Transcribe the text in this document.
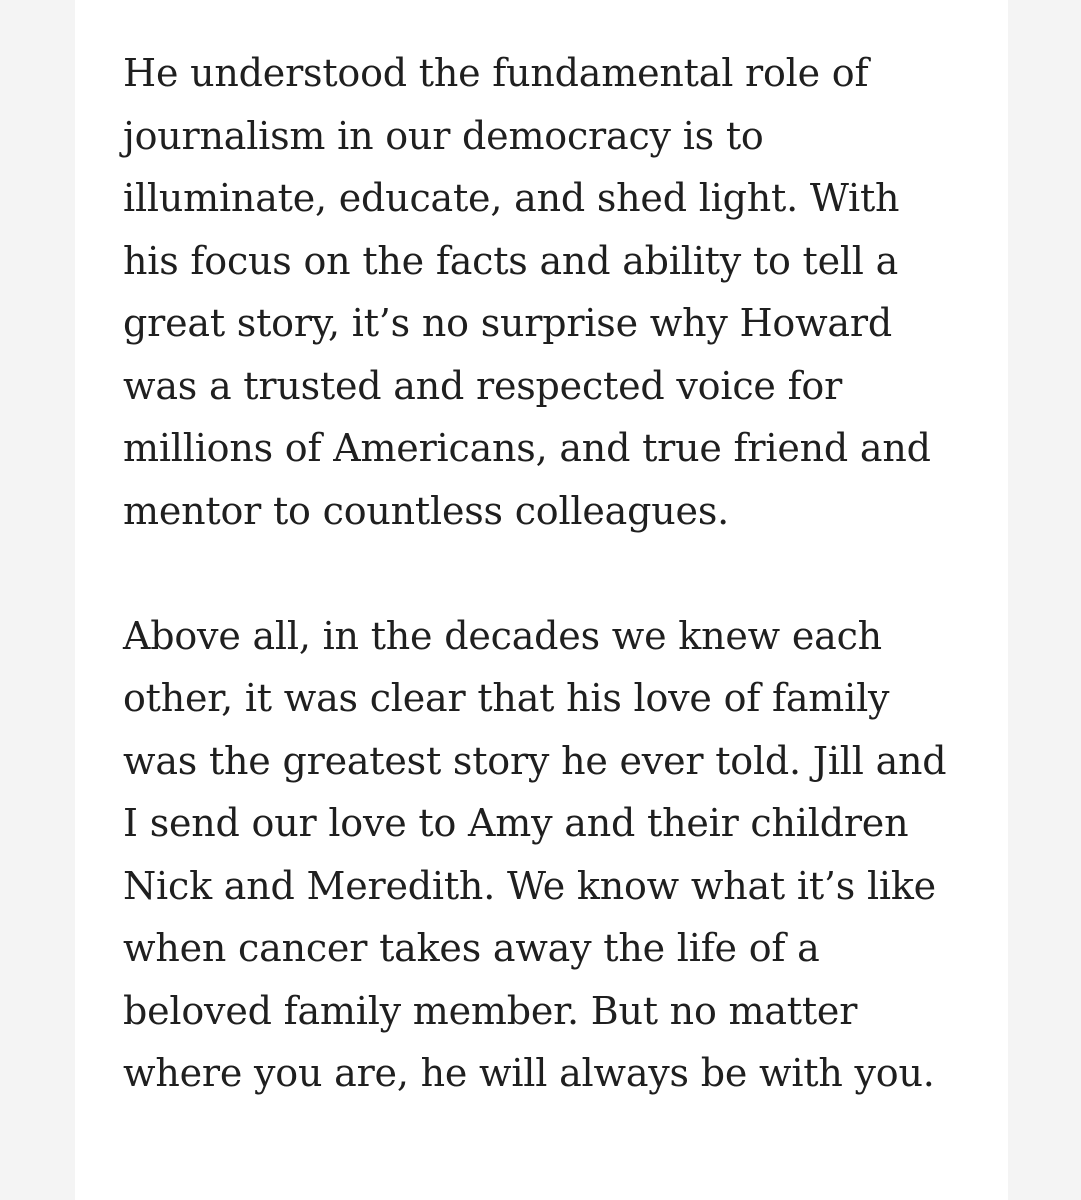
He understood the fundamental role of
journalism in our democracy is to
illuminate, educate, and shed light. With
his focus on the facts and ability to tell a
great story, it’s no surprise why Howard
was a trusted and respected voice for
millions of Americans, and true friend and
mentor to countless colleagues.

Above all, in the decades we knew each
other, it was clear that his love of family
was the greatest story he ever told. Jill and
I send our love to Amy and their children
Nick and Meredith. We know what it’s like
when cancer takes away the life of a
beloved family member. But no matter
where you are, he will always be with you.
